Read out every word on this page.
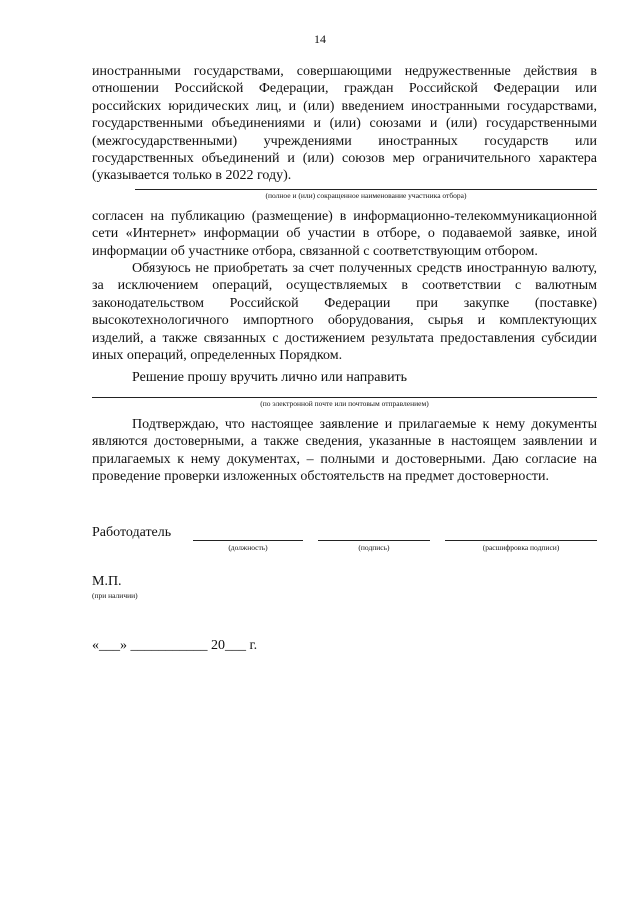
14
иностранными государствами, совершающими недружественные действия в отношении Российской Федерации, граждан Российской Федерации или российских юридических лиц, и (или) введением иностранными государствами, государственными объединениями и (или) союзами и (или) государственными (межгосударственными) учреждениями иностранных государств или государственных объединений и (или) союзов мер ограничительного характера (указывается только в 2022 году).
(полное и (или) сокращенное наименование участника отбора)
согласен на публикацию (размещение) в информационно-телекоммуникационной сети «Интернет» информации об участии в отборе, о подаваемой заявке, иной информации об участнике отбора, связанной с соответствующим отбором.
Обязуюсь не приобретать за счет полученных средств иностранную валюту, за исключением операций, осуществляемых в соответствии с валютным законодательством Российской Федерации при закупке (поставке) высокотехнологичного импортного оборудования, сырья и комплектующих изделий, а также связанных с достижением результата предоставления субсидии иных операций, определенных Порядком.
Решение прошу вручить лично или направить
(по электронной почте или почтовым отправлением)
Подтверждаю, что настоящее заявление и прилагаемые к нему документы являются достоверными, а также сведения, указанные в настоящем заявлении и прилагаемых к нему документах, – полными и достоверными. Даю согласие на проведение проверки изложенных обстоятельств на предмет достоверности.
Работодатель
(должность)	(подпись)	(расшифровка подписи)
М.П.
(при наличии)
«___» ___________ 20___ г.
